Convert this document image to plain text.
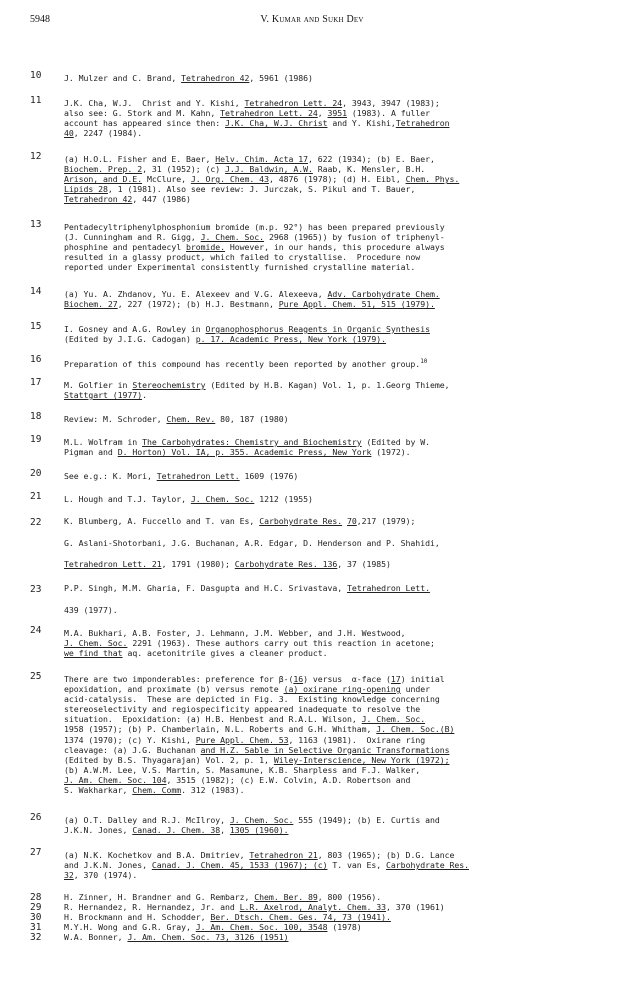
5948	V. Kumar and Sukh Dev
10	J. Mulzer and C. Brand, Tetrahedron 42, 5961 (1986)
11	J.K. Cha, W.J.  Christ and Y. Kishi, Tetrahedron Lett. 24, 3943, 3947 (1983);
also see: G. Stork and M. Kahn, Tetrahedron Lett. 24, 3951 (1983). A fuller
account has appeared since then: J.K. Cha, W.J. Christ and Y. Kishi,Tetrahedron
40, 2247 (1984).
12	(a) H.O.L. Fisher and E. Baer, Helv. Chim. Acta 17, 622 (1934); (b) E. Baer,
Biochem. Prep. 2, 31 (1952); (c) J.J. Baldwin, A.W. Raab, K. Mensler, B.H.
Arison, and D.E. McClure, J. Org. Chem. 43, 4876 (1978); (d) H. Eibl, Chem. Phys.
Lipids 28, 1 (1981). Also see review: J. Jurczak, S. Pikul and T. Bauer,
Tetrahedron 42, 447 (1986)
13	Pentadecyltriphenylphosphonium bromide (m.p. 92°) has been prepared previously
(J. Cunningham and R. Gigg, J. Chem. Soc. 2968 (1965)) by fusion of triphenyl-
phosphine and pentadecyl bromide. However, in our hands, this procedure always
resulted in a glassy product, which failed to crystallise.  Procedure now
reported under Experimental consistently furnished crystalline material.
14	(a) Yu. A. Zhdanov, Yu. E. Alexeev and V.G. Alexeeva, Adv. Carbohydrate Chem.
Biochem. 27, 227 (1972); (b) H.J. Bestmann, Pure Appl. Chem. 51, 515 (1979).
15	I. Gosney and A.G. Rowley in Organophosphorus Reagents in Organic Synthesis
(Edited by J.I.G. Cadogan) p. 17. Academic Press, New York (1979).
16	Preparation of this compound has recently been reported by another group.$^{10}$
17	M. Golfier in Stereochemistry (Edited by H.B. Kagan) Vol. 1, p. 1.Georg Thieme,
Stattgart (1977).
18	Review: M. Schroder, Chem. Rev. 80, 187 (1980)
19	M.L. Wolfram in The Carbohydrates: Chemistry and Biochemistry (Edited by W.
Pigman and D. Horton) Vol. IA, p. 355. Academic Press, New York (1972).
20	See e.g.: K. Mori, Tetrahedron Lett. 1609 (1976)
21	L. Hough and T.J. Taylor, J. Chem. Soc. 1212 (1955)
22	K. Blumberg, A. Fuccello and T. van Es, Carbohydrate Res. 70,217 (1979);
G. Aslani-Shotorbani, J.G. Buchanan, A.R. Edgar, D. Henderson and P. Shahidi,
Tetrahedron Lett. 21, 1791 (1980); Carbohydrate Res. 136, 37 (1985)
23	P.P. Singh, M.M. Gharia, F. Dasgupta and H.C. Srivastava, Tetrahedron Lett.
439 (1977).
24	M.A. Bukhari, A.B. Foster, J. Lehmann, J.M. Webber, and J.H. Westwood,
J. Chem. Soc. 2291 (1963). These authors carry out this reaction in acetone;
we find that aq. acetonitrile gives a cleaner product.
25	There are two imponderables: preference for β-(16) versus  α-face (17) initial
epoxidation, and proximate (b) versus remote (a) oxirane ring-opening under
acid-catalysis.  These are depicted in Fig. 3.  Existing knowledge concerning
stereoselectivity and regiospecificity appeared inadequate to resolve the
situation.  Epoxidation: (a) H.B. Henbest and R.A.L. Wilson, J. Chem. Soc.
1958 (1957); (b) P. Chamberlain, N.L. Roberts and G.H. Whitham, J. Chem. Soc.(B)
1374 (1970); (c) Y. Kishi, Pure Appl. Chem. 53, 1163 (1981).  Oxirane ring
cleavage: (a) J.G. Buchanan and H.Z. Sable in Selective Organic Transformations
(Edited by B.S. Thyagarajan) Vol. 2, p. 1, Wiley-Interscience, New York (1972);
(b) A.W.M. Lee, V.S. Martin, S. Masamune, K.B. Sharpless and F.J. Walker,
J. Am. Chem. Soc. 104, 3515 (1982); (c) E.W. Colvin, A.D. Robertson and
S. Wakharkar, Chem. Comm. 312 (1983).
26	(a) O.T. Dalley and R.J. McIlroy, J. Chem. Soc. 555 (1949); (b) E. Curtis and
J.K.N. Jones, Canad. J. Chem. 38, 1305 (1960).
27	(a) N.K. Kochetkov and B.A. Dmitriev, Tetrahedron 21, 803 (1965); (b) D.G. Lance
and J.K.N. Jones, Canad. J. Chem. 45, 1533 (1967); (c) T. van Es, Carbohydrate Res.
32, 370 (1974).
28	H. Zinner, H. Brandner and G. Rembarz, Chem. Ber. 89, 800 (1956).
29	R. Hernandez, R. Hernandez, Jr. and L.R. Axelrod, Analyt. Chem. 33, 370 (1961)
30	H. Brockmann and H. Schodder, Ber. Dtsch. Chem. Ges. 74, 73 (1941).
31	M.Y.H. Wong and G.R. Gray, J. Am. Chem. Soc. 100, 3548 (1978)
32	W.A. Bonner, J. Am. Chem. Soc. 73, 3126 (1951)
